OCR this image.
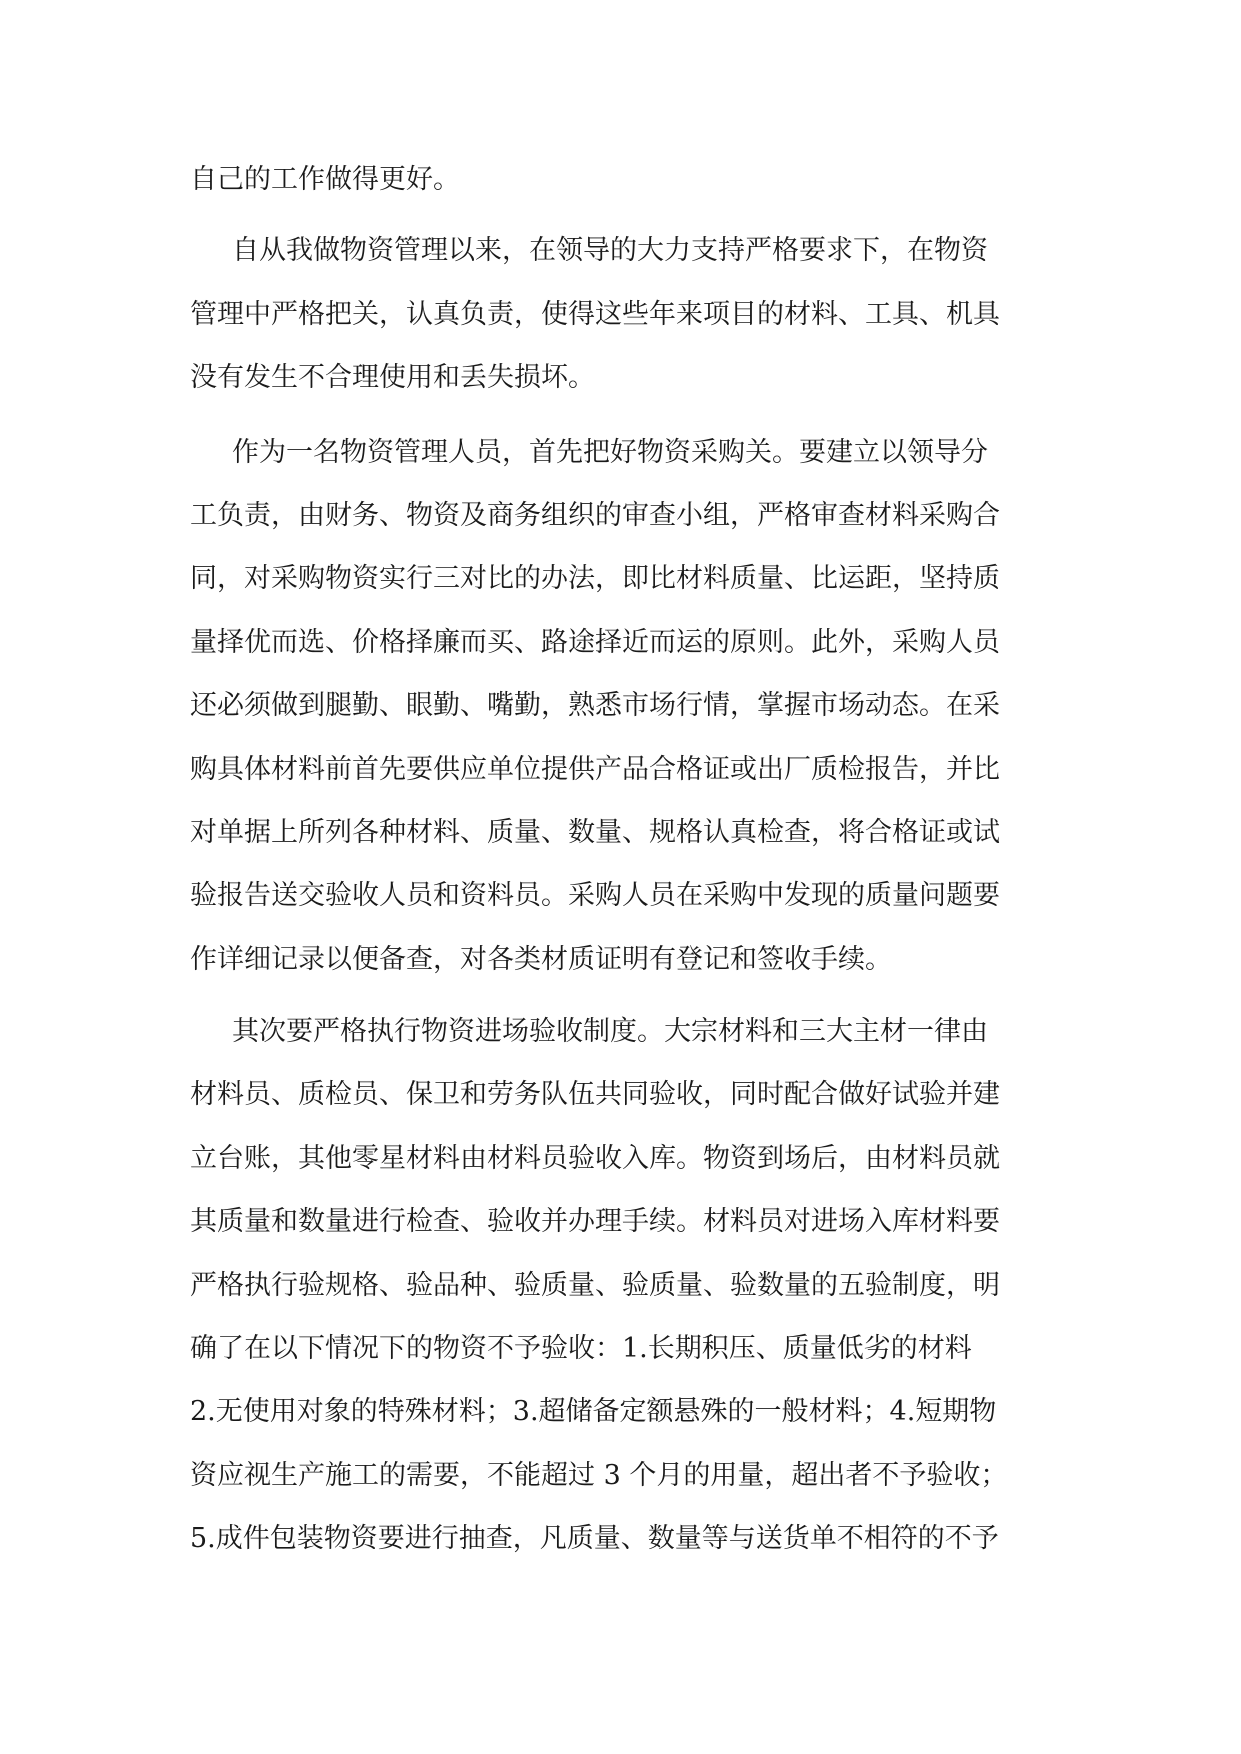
自己的工作做得更好。
自从我做物资管理以来，在领导的大力支持严格要求下，在物资
管理中严格把关，认真负责，使得这些年来项目的材料、工具、机具
没有发生不合理使用和丢失损坏。
作为一名物资管理人员，首先把好物资采购关。要建立以领导分
工负责，由财务、物资及商务组织的审查小组，严格审查材料采购合
同，对采购物资实行三对比的办法，即比材料质量、比运距，坚持质
量择优而选、价格择廉而买、路途择近而运的原则。此外，采购人员
还必须做到腿勤、眼勤、嘴勤，熟悉市场行情，掌握市场动态。在采
购具体材料前首先要供应单位提供产品合格证或出厂质检报告，并比
对单据上所列各种材料、质量、数量、规格认真检查，将合格证或试
验报告送交验收人员和资料员。采购人员在采购中发现的质量问题要
作详细记录以便备查，对各类材质证明有登记和签收手续。
其次要严格执行物资进场验收制度。大宗材料和三大主材一律由
材料员、质检员、保卫和劳务队伍共同验收，同时配合做好试验并建
立台账，其他零星材料由材料员验收入库。物资到场后，由材料员就
其质量和数量进行检查、验收并办理手续。材料员对进场入库材料要
严格执行验规格、验品种、验质量、验质量、验数量的五验制度，明
确了在以下情况下的物资不予验收：1.长期积压、质量低劣的材料
2.无使用对象的特殊材料；3.超储备定额悬殊的一般材料；4.短期物
资应视生产施工的需要，不能超过 3 个月的用量，超出者不予验收；
5.成件包装物资要进行抽查，凡质量、数量等与送货单不相符的不予
